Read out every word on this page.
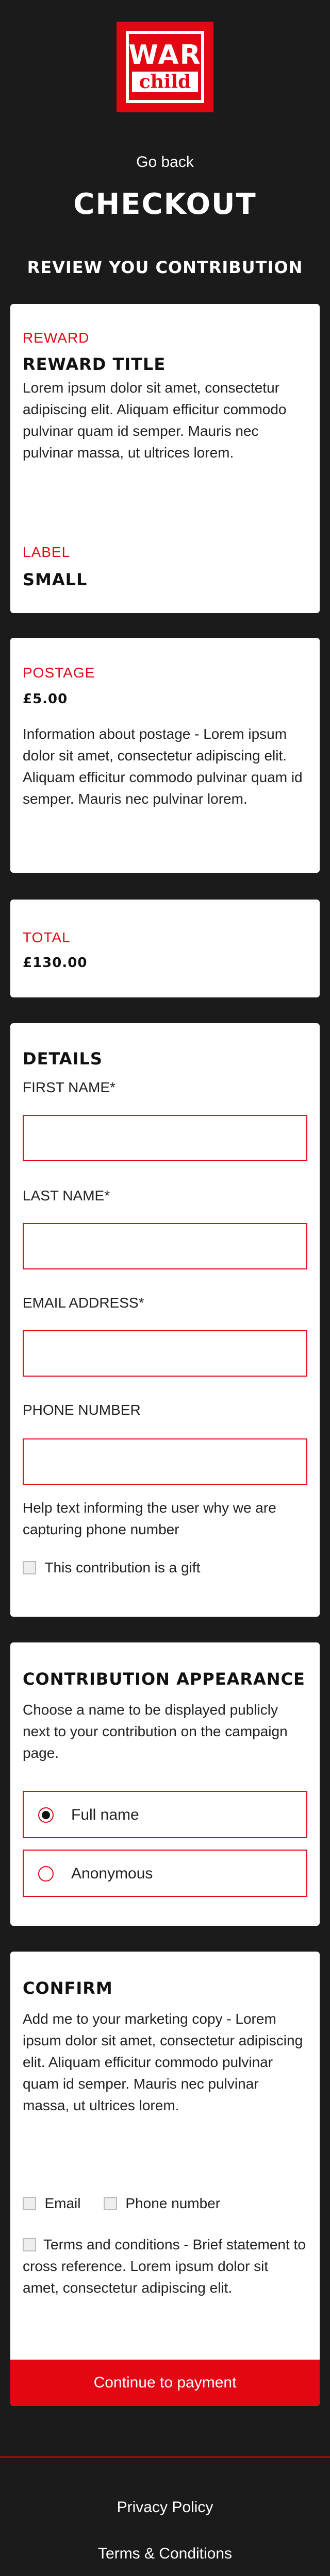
WAR
child
Go back
CHECKOUT
REVIEW YOU CONTRIBUTION
REWARD
REWARD TITLE
Lorem ipsum dolor sit amet, consectetur adipiscing elit. Aliquam efficitur commodo pulvinar quam id semper. Mauris nec pulvinar massa, ut ultrices lorem.
LABEL
SMALL
POSTAGE
£5.00
Information about postage - Lorem ipsum dolor sit amet, consectetur adipiscing elit. Aliquam efficitur commodo pulvinar quam id semper. Mauris nec pulvinar lorem.
TOTAL
£130.00
DETAILS
FIRST NAME*
LAST NAME*
EMAIL ADDRESS*
PHONE NUMBER
Help text informing the user why we are capturing phone number
This contribution is a gift
CONTRIBUTION APPEARANCE
Choose a name to be displayed publicly next to your contribution on the campaign page.
Full name
Anonymous
CONFIRM
Add me to your marketing copy - Lorem ipsum dolor sit amet, consectetur adipiscing elit. Aliquam efficitur commodo pulvinar quam id semper. Mauris nec pulvinar massa, ut ultrices lorem.
Email	Phone number
Terms and conditions - Brief statement to cross reference. Lorem ipsum dolor sit amet, consectetur adipiscing elit.
Continue to payment
Privacy Policy
Terms & Conditions
